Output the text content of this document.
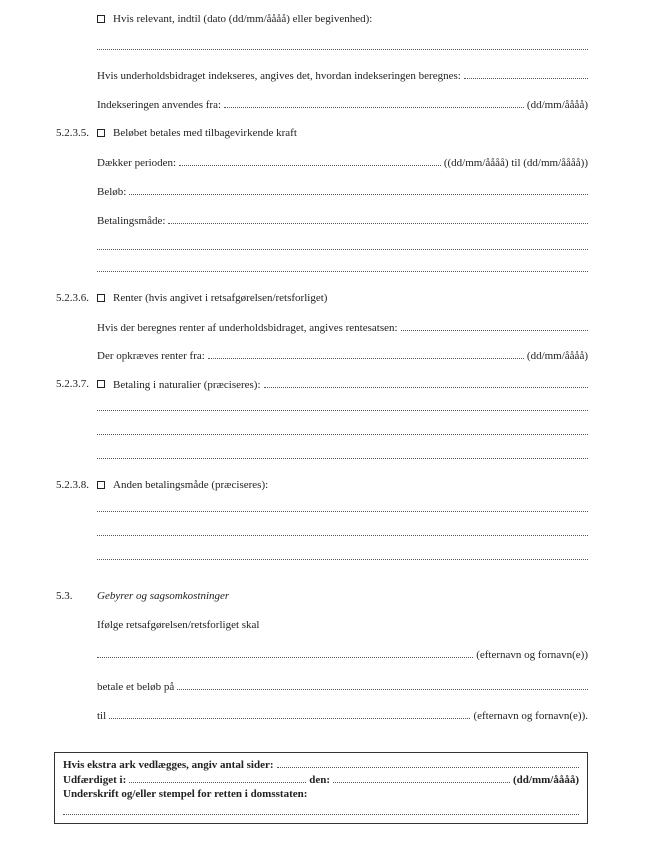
Hvis relevant, indtil (dato (dd/mm/åååå) eller begivenhed):
Hvis underholdsbidraget indekseres, angives det, hvordan indekseringen beregnes:
Indekseringen anvendes fra:	(dd/mm/åååå)
5.2.3.5. Beløbet betales med tilbagevirkende kraft
Dækker perioden:	((dd/mm/åååå) til (dd/mm/åååå))
Beløb:
Betalingsmåde:
5.2.3.6. Renter (hvis angivet i retsafgørelsen/retsforliget)
Hvis der beregnes renter af underholdsbidraget, angives rentesatsen:
Der opkræves renter fra:	(dd/mm/åååå)
5.2.3.7. Betaling i naturalier (præciseres):
5.2.3.8. Anden betalingsmåde (præciseres):
5.3. Gebyrer og sagsomkostninger
Ifølge retsafgørelsen/retsforliget skal
(efternavn og fornavn(e))
betale et beløb på
til	(efternavn og fornavn(e)).
Hvis ekstra ark vedlægges, angiv antal sider:
Udfærdiget i:	den:	(dd/mm/åååå)
Underskrift og/eller stempel for retten i domsstaten:
